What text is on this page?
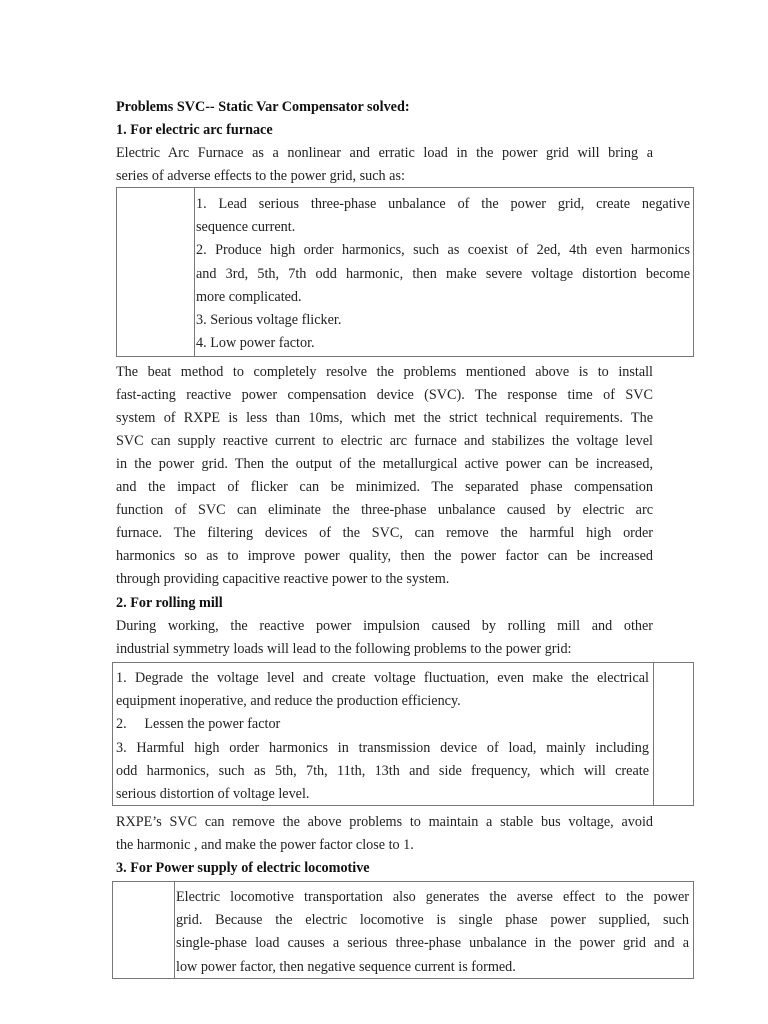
Problems SVC-- Static Var Compensator solved:
1. For electric arc furnace
Electric Arc Furnace as a nonlinear and erratic load in the power grid will bring a
series of adverse effects to the power grid, such as:
1. Lead serious three-phase unbalance of the power grid, create negative
sequence current.
2. Produce high order harmonics, such as coexist of 2ed, 4th even harmonics
and 3rd, 5th, 7th odd harmonic, then make severe voltage distortion become
more complicated.
3. Serious voltage flicker.
4. Low power factor.
The beat method to completely resolve the problems mentioned above is to install
fast-acting reactive power compensation device (SVC). The response time of SVC
system of RXPE is less than 10ms, which met the strict technical requirements. The
SVC can supply reactive current to electric arc furnace and stabilizes the voltage level
in the power grid. Then the output of the metallurgical active power can be increased,
and the impact of flicker can be minimized. The separated phase compensation
function of SVC can eliminate the three-phase unbalance caused by electric arc
furnace. The filtering devices of the SVC, can remove the harmful high order
harmonics so as to improve power quality, then the power factor can be increased
through providing capacitive reactive power to the system.
2. For rolling mill
During working, the reactive power impulsion caused by rolling mill and other
industrial symmetry loads will lead to the following problems to the power grid:
1. Degrade the voltage level and create voltage fluctuation, even make the electrical
equipment inoperative, and reduce the production efficiency.
2.     Lessen the power factor
3. Harmful high order harmonics in transmission device of load, mainly including
odd harmonics, such as 5th, 7th, 11th, 13th and side frequency, which will create
serious distortion of voltage level.
RXPE’s SVC can remove the above problems to maintain a stable bus voltage, avoid
the harmonic , and make the power factor close to 1.
3. For Power supply of electric locomotive
Electric locomotive transportation also generates the averse effect to the power
grid. Because the electric locomotive is single phase power supplied, such
single-phase load causes a serious three-phase unbalance in the power grid and a
low power factor, then negative sequence current is formed.
